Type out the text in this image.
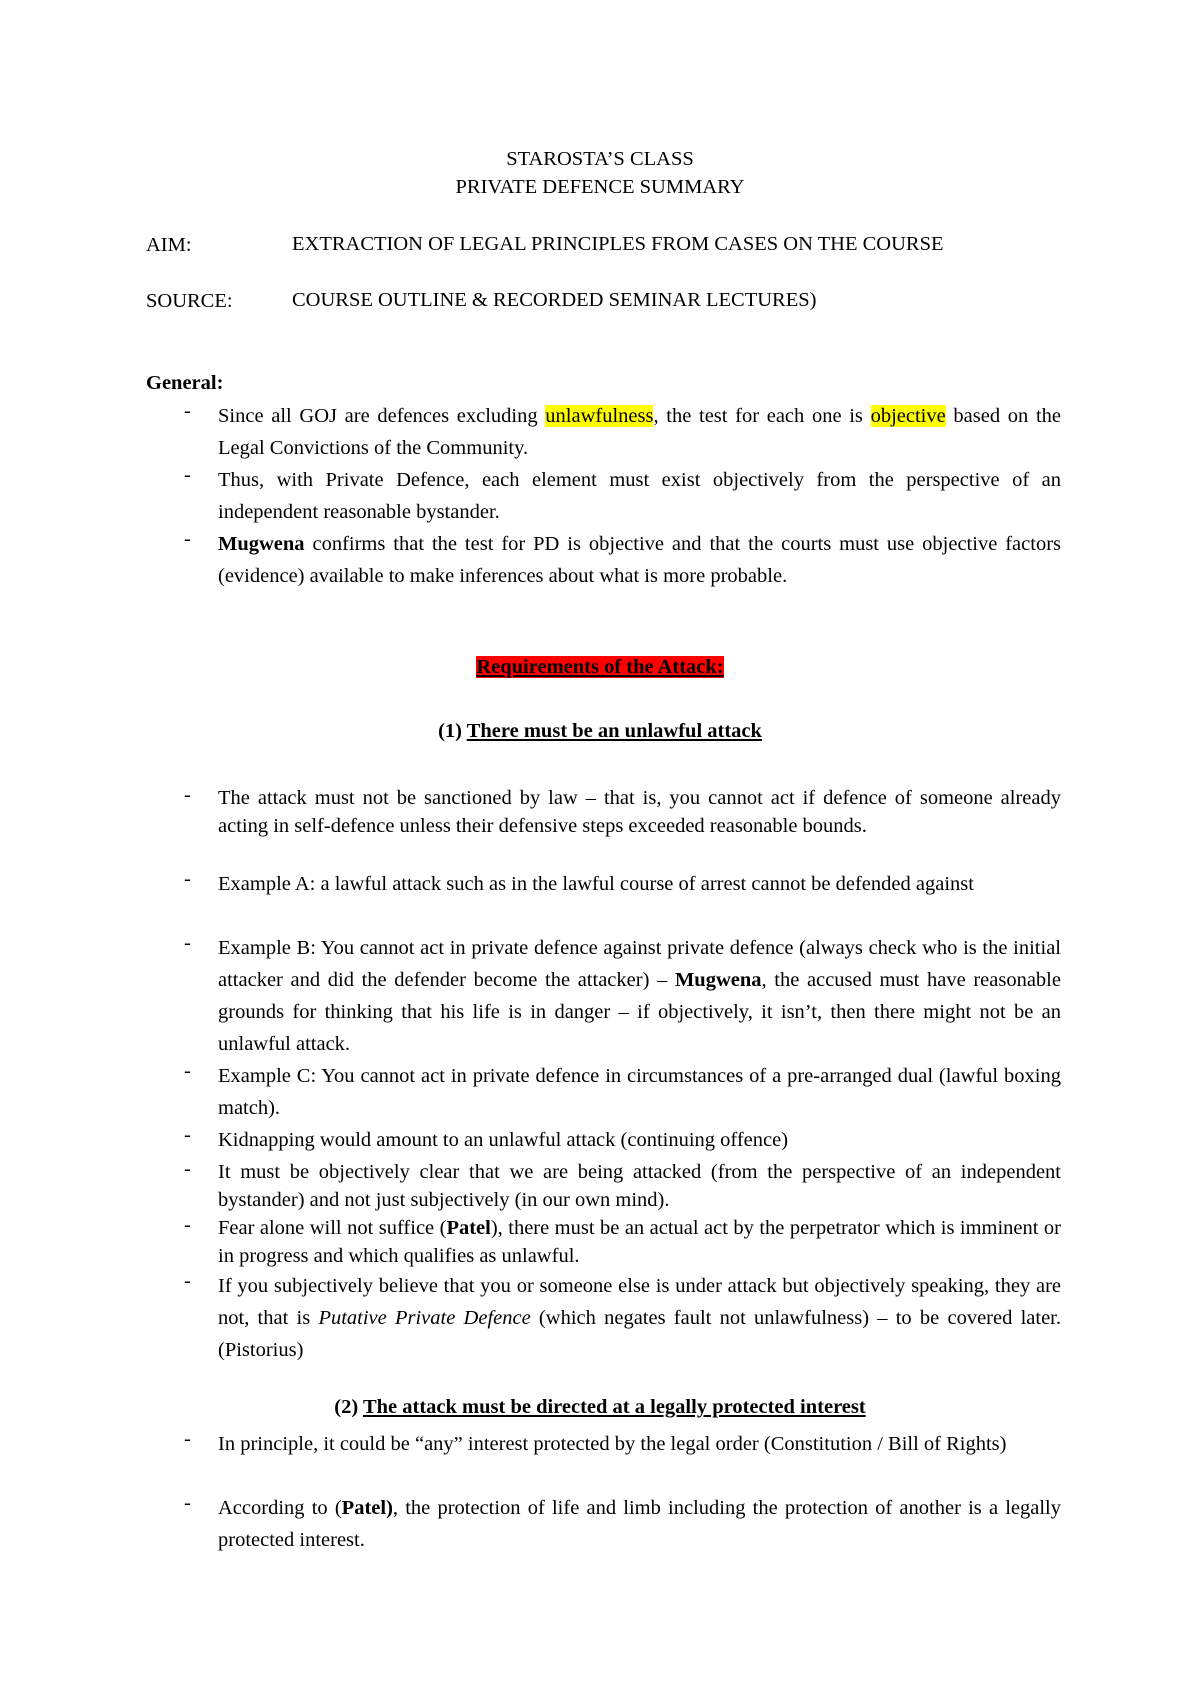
STAROSTA’S CLASS
PRIVATE DEFENCE SUMMARY
AIM:	EXTRACTION OF LEGAL PRINCIPLES FROM CASES ON THE COURSE
SOURCE:	COURSE OUTLINE & RECORDED SEMINAR LECTURES)
General:
- Since all GOJ are defences excluding unlawfulness, the test for each one is objective based on the Legal Convictions of the Community.
- Thus, with Private Defence, each element must exist objectively from the perspective of an independent reasonable bystander.
- Mugwena confirms that the test for PD is objective and that the courts must use objective factors (evidence) available to make inferences about what is more probable.
Requirements of the Attack:
(1) There must be an unlawful attack
- The attack must not be sanctioned by law – that is, you cannot act if defence of someone already acting in self-defence unless their defensive steps exceeded reasonable bounds.
- Example A: a lawful attack such as in the lawful course of arrest cannot be defended against
- Example B: You cannot act in private defence against private defence (always check who is the initial attacker and did the defender become the attacker) – Mugwena, the accused must have reasonable grounds for thinking that his life is in danger – if objectively, it isn’t, then there might not be an unlawful attack.
- Example C: You cannot act in private defence in circumstances of a pre-arranged dual (lawful boxing match).
- Kidnapping would amount to an unlawful attack (continuing offence)
- It must be objectively clear that we are being attacked (from the perspective of an independent bystander) and not just subjectively (in our own mind).
- Fear alone will not suffice (Patel), there must be an actual act by the perpetrator which is imminent or in progress and which qualifies as unlawful.
- If you subjectively believe that you or someone else is under attack but objectively speaking, they are not, that is Putative Private Defence (which negates fault not unlawfulness) – to be covered later. (Pistorius)
(2) The attack must be directed at a legally protected interest
- In principle, it could be “any” interest protected by the legal order (Constitution / Bill of Rights)
- According to (Patel), the protection of life and limb including the protection of another is a legally protected interest.
